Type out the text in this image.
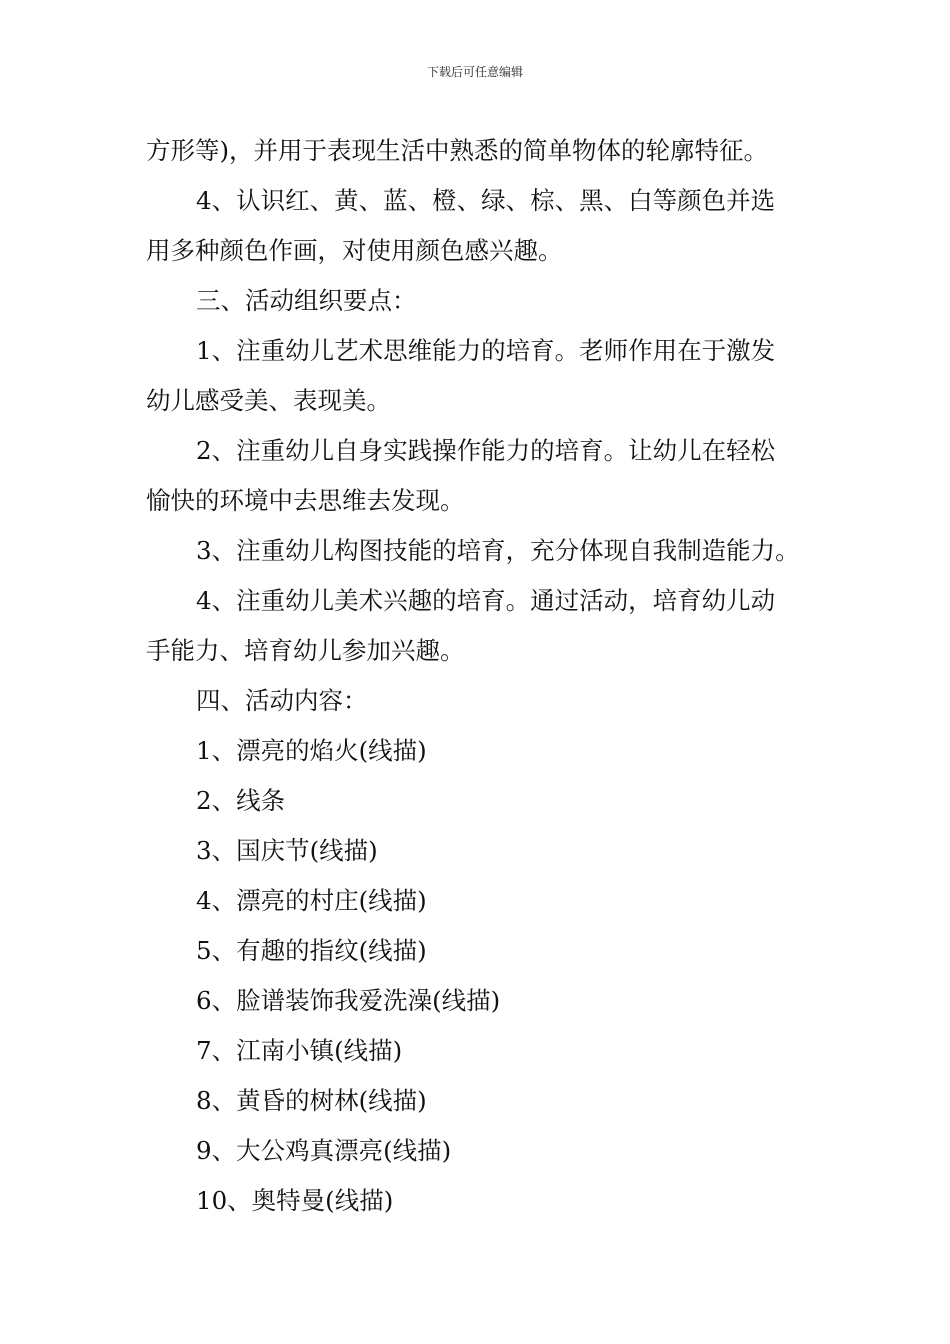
下载后可任意编辑
方形等)，并用于表现生活中熟悉的简单物体的轮廓特征。
4、认识红、黄、蓝、橙、绿、棕、黑、白等颜色并选
用多种颜色作画，对使用颜色感兴趣。
三、活动组织要点：
1、注重幼儿艺术思维能力的培育。老师作用在于激发
幼儿感受美、表现美。
2、注重幼儿自身实践操作能力的培育。让幼儿在轻松
愉快的环境中去思维去发现。
3、注重幼儿构图技能的培育，充分体现自我制造能力。
4、注重幼儿美术兴趣的培育。通过活动，培育幼儿动
手能力、培育幼儿参加兴趣。
四、活动内容：
1、漂亮的焰火(线描)
2、线条
3、国庆节(线描)
4、漂亮的村庄(线描)
5、有趣的指纹(线描)
6、脸谱装饰我爱洗澡(线描)
7、江南小镇(线描)
8、黄昏的树林(线描)
9、大公鸡真漂亮(线描)
10、奥特曼(线描)
